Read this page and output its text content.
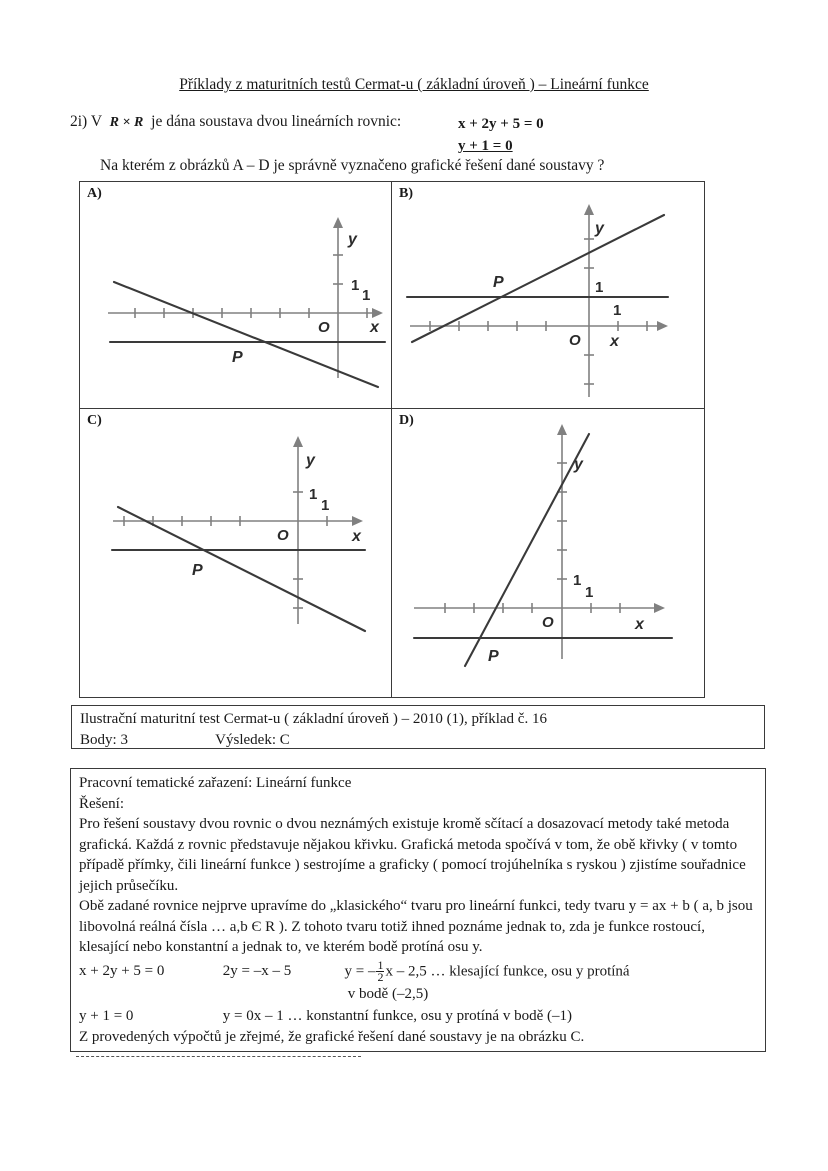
Příklady z maturitních testů Cermat-u ( základní úroveň ) – Lineární funkce
2i) V R × R je dána soustava dvou lineárních rovnic:	x + 2y + 5 = 0
y + 1 = 0
Na kterém z obrázků A – D je správně vyznačeno grafické řešení dané soustavy ?
A)
y
x
O
1
1
P
B)
y
x
O
1
1
P
C)
y
x
O
1
1
P
D)
y
x
O
1
1
P
Ilustrační maturitní test Cermat-u ( základní úroveň ) – 2010 (1), příklad č. 16
Body: 3	Výsledek: C

Pracovní tematické zařazení: Lineární funkce

Řešení:

Pro řešení soustavy dvou rovnic o dvou neznámých existuje kromě sčítací a dosazovací metody také metoda grafická. Každá z rovnic představuje nějakou křivku. Grafická metoda spočívá v tom, že obě křivky ( v tomto případě přímky, čili lineární funkce ) sestrojíme a graficky ( pomocí trojúhelníka s ryskou ) zjistíme souřadnice jejich průsečíku.

Obě zadané rovnice nejprve upravíme do „klasického“ tvaru pro lineární funkci, tedy tvaru y = ax + b ( a, b jsou libovolná reálná čísla … a,b Є R ). Z tohoto tvaru totiž ihned poznáme jednak to, zda je funkce rostoucí, klesající nebo konstantní a jednak to, ve kterém bodě protíná osu y.

x + 2y + 5 = 0	2y = –x – 5	y = – $\frac{1}{2}$ x – 2,5 … klesající funkce, osu y protíná
v bodě (–2,5)
y + 1 = 0	y = 0x – 1 … konstantní funkce, osu y protíná v bodě (–1)

Z provedených výpočtů je zřejmé, že grafické řešení dané soustavy je na obrázku C.
